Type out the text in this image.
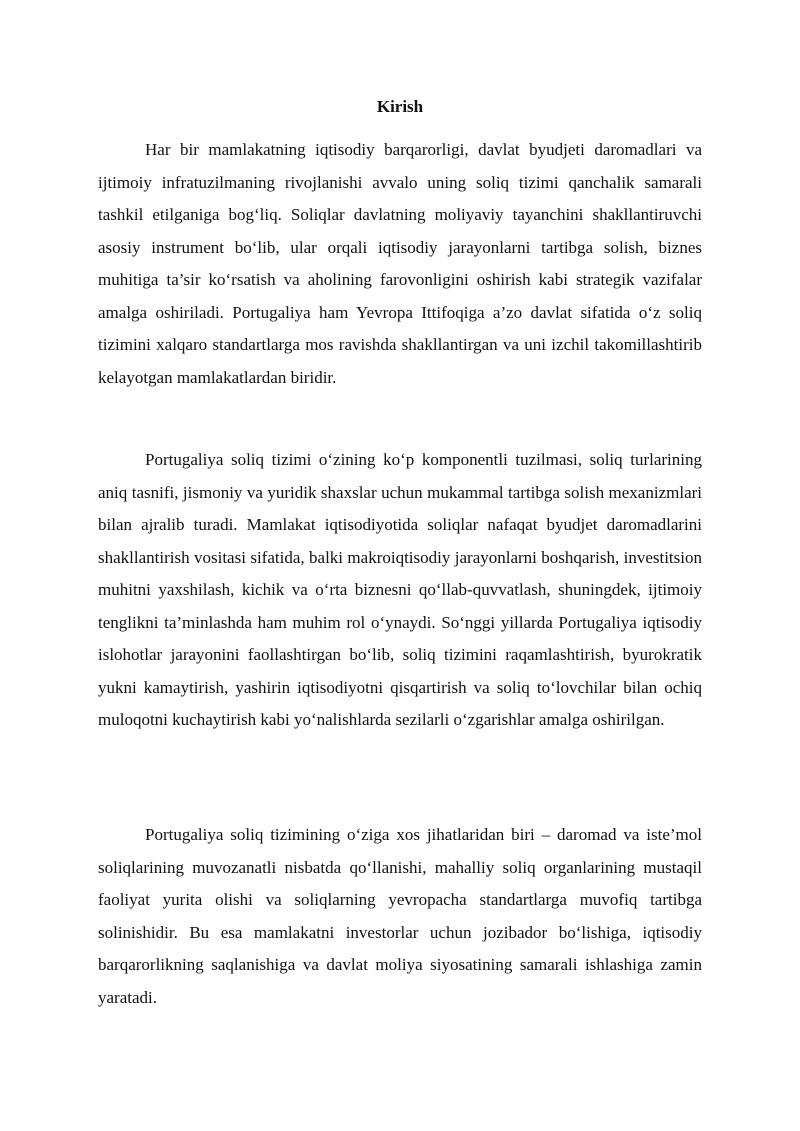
Kirish

Har bir mamlakatning iqtisodiy barqarorligi, davlat byudjeti daromadlari va ijtimoiy infratuzilmaning rivojlanishi avvalo uning soliq tizimi qanchalik samarali tashkil etilganiga bog‘liq. Soliqlar davlatning moliyaviy tayanchini shakllantiruvchi asosiy instrument bo‘lib, ular orqali iqtisodiy jarayonlarni tartibga solish, biznes muhitiga ta’sir ko‘rsatish va aholining farovonligini oshirish kabi strategik vazifalar amalga oshiriladi. Portugaliya ham Yevropa Ittifoqiga a’zo davlat sifatida o‘z soliq tizimini xalqaro standartlarga mos ravishda shakllantirgan va uni izchil takomillashtirib kelayotgan mamlakatlardan biridir.

Portugaliya soliq tizimi o‘zining ko‘p komponentli tuzilmasi, soliq turlarining aniq tasnifi, jismoniy va yuridik shaxslar uchun mukammal tartibga solish mexanizmlari bilan ajralib turadi. Mamlakat iqtisodiyotida soliqlar nafaqat byudjet daromadlarini shakllantirish vositasi sifatida, balki makroiqtisodiy jarayonlarni boshqarish, investitsion muhitni yaxshilash, kichik va o‘rta biznesni qo‘llab-quvvatlash, shuningdek, ijtimoiy tenglikni ta’minlashda ham muhim rol o‘ynaydi. So‘nggi yillarda Portugaliya iqtisodiy islohotlar jarayonini faollashtirgan bo‘lib, soliq tizimini raqamlashtirish, byurokratik yukni kamaytirish, yashirin iqtisodiyotni qisqartirish va soliq to‘lovchilar bilan ochiq muloqotni kuchaytirish kabi yo‘nalishlarda sezilarli o‘zgarishlar amalga oshirilgan.

Portugaliya soliq tizimining o‘ziga xos jihatlaridan biri – daromad va iste’mol soliqlarining muvozanatli nisbatda qo‘llanishi, mahalliy soliq organlarining mustaqil faoliyat yurita olishi va soliqlarning yevropacha standartlarga muvofiq tartibga solinishidir. Bu esa mamlakatni investorlar uchun jozibador bo‘lishiga, iqtisodiy barqarorlikning saqlanishiga va davlat moliya siyosatining samarali ishlashiga zamin yaratadi.
